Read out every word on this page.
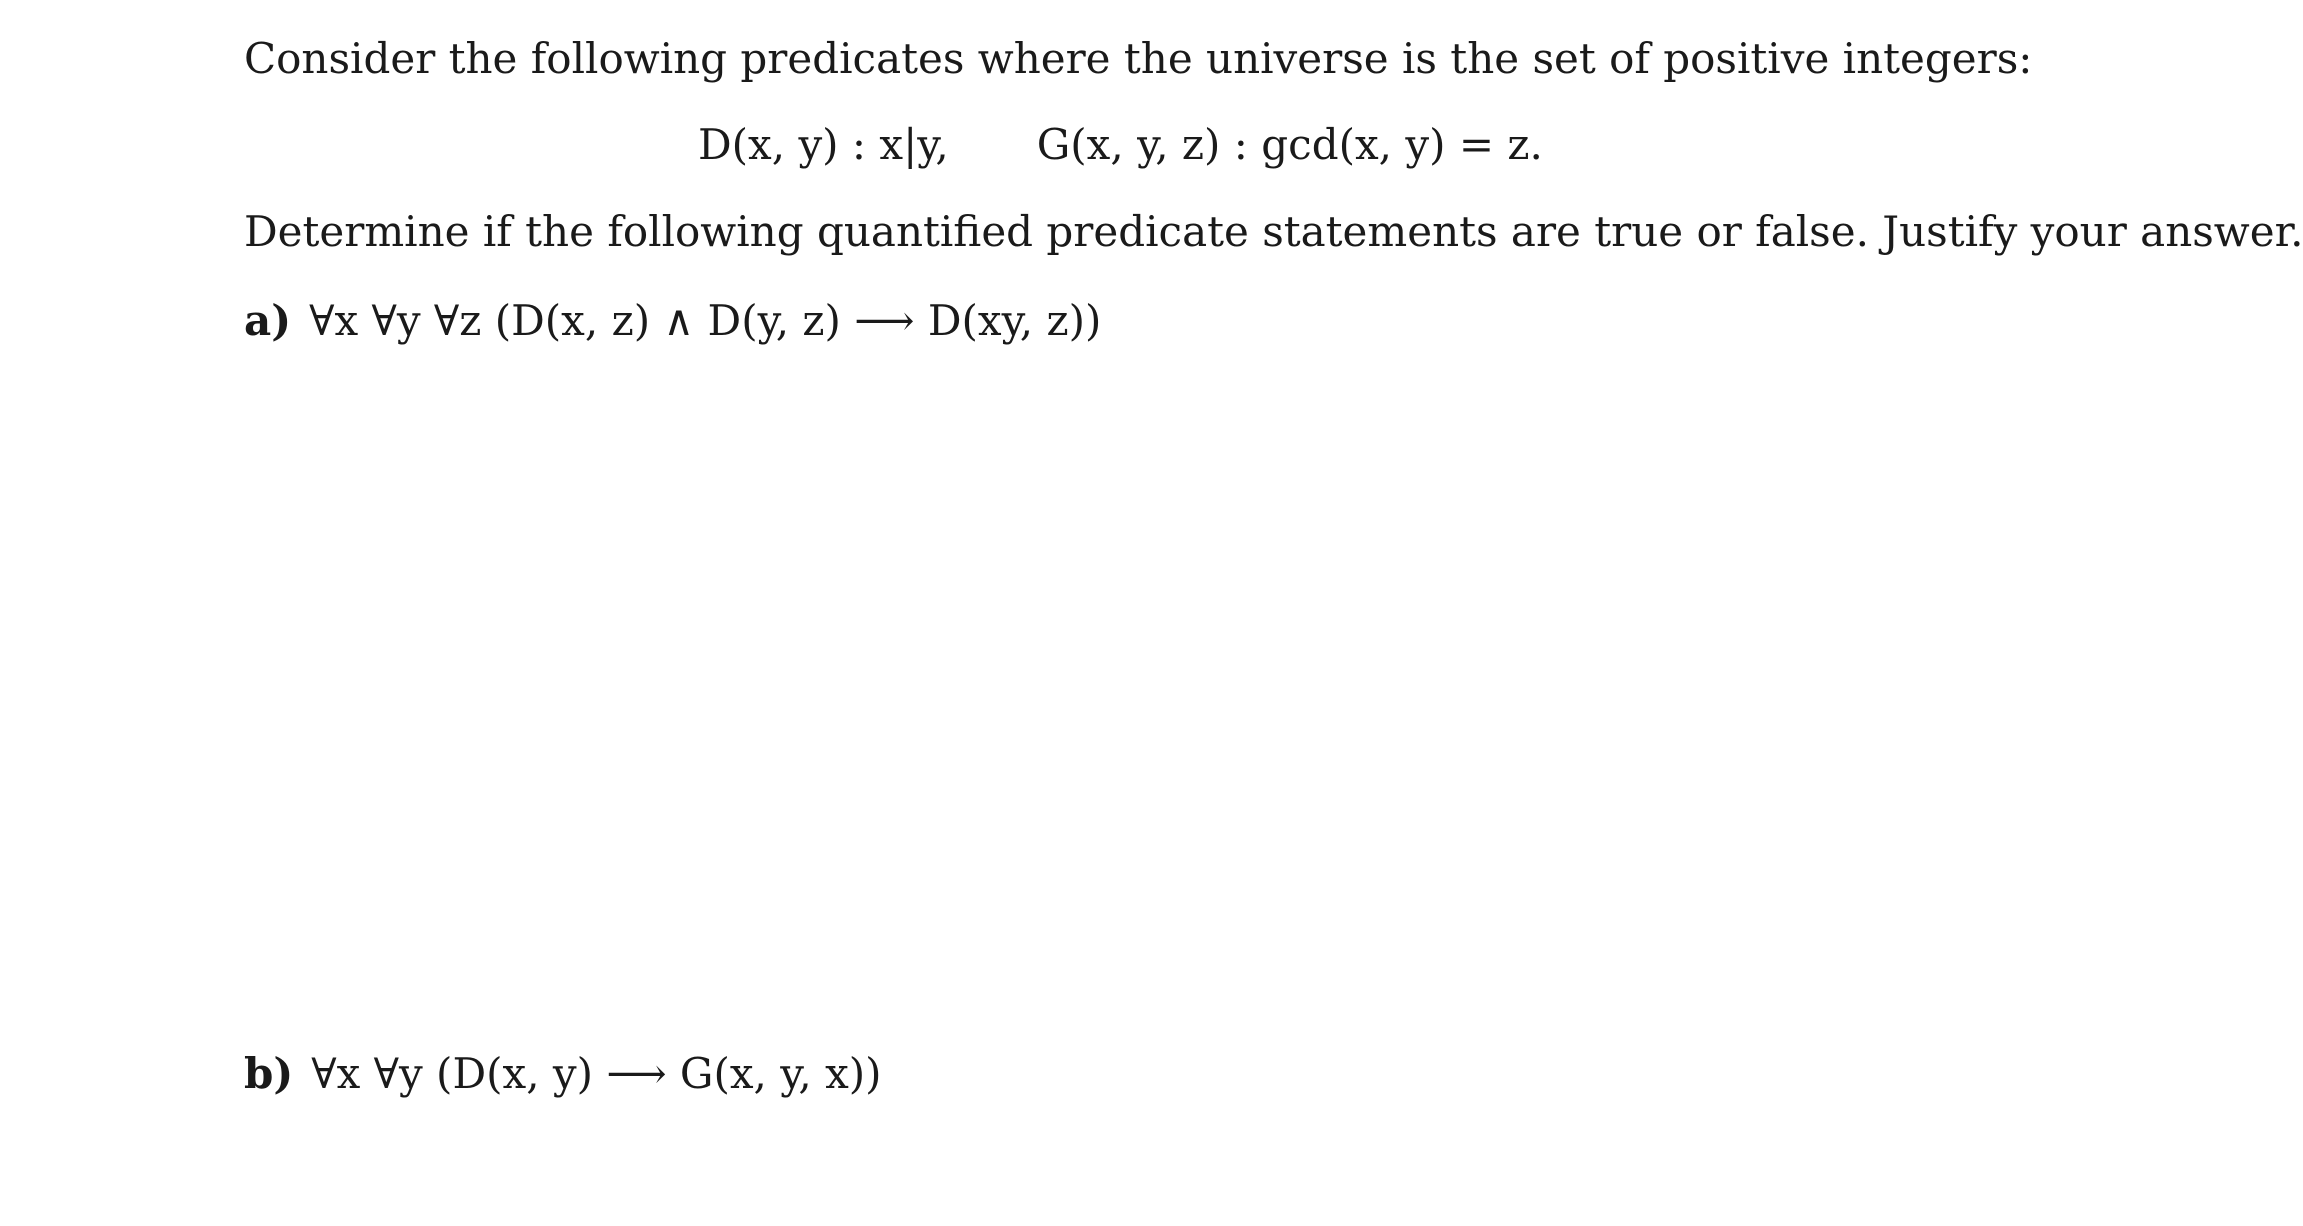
Consider the following predicates where the universe is the set of positive integers:
D(x, y) : x|y, G(x, y, z) : gcd(x, y) = z.
Determine if the following quantified predicate statements are true or false. Justify your answer.
a) ∀x ∀y ∀z (D(x, z) ∧ D(y, z) ⟶ D(xy, z))
b) ∀x ∀y (D(x, y) ⟶ G(x, y, x))
